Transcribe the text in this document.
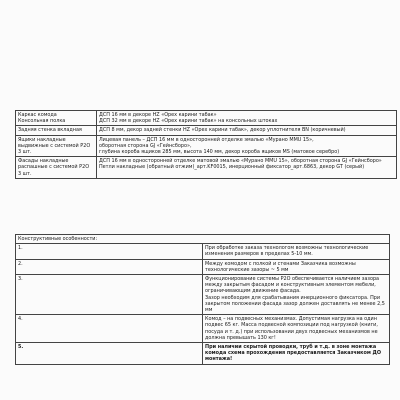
Каркас комода
Консольная полка	ДСП 16 мм в декоре HZ «Орех карини табак»
ДСП 32 мм в декоре HZ «Орех карини табак» на консольных штоках

Задняя стенка вкладная	ДСП 8 мм, декор задней стенки HZ «Орех карини табак», декор уплотнителя BN (коричневый)

Ящики накладные
выдвижные с системой P2O
3 шт.	Лицевая панель – ДСП 16 мм в односторонней отделке эмалью «Мурано MMU 15»,
оборотная сторона GJ «Гейнсборо»,
глубина короба ящиков 285 мм, высота 140 мм, декор короба ящиков MS (матовое серебро)

Фасады накладные
распашные с системой P2O
3 шт.	ДСП 16 мм в односторонней отделке матовой эмалью «Мурано MMU 15», оборотная сторона GJ «Гейнсборо»
Петли накладные (обратный отжим)_арт.KF0015, инерционный фиксатор_арт.6863, декор GT (серый)
Конструктивные особенности:	
1.	При обработке заказа технологом возможны технологические изменения размеров в пределах 5-10 мм.

2.	Между комодом с полкой и стенами Заказчика возможны технологические зазоры ~ 5 мм

3.	Функционирование системы P2O обеспечивается наличием зазора между закрытым фасадом и конструктивным элементом мебели, ограничивающим движение фасада.
Зазор необходим для срабатывания инерционного фиксатора. При закрытом положении фасада зазор должен доставлять не менее 2,5 мм

4.	Комод – на подвесных механизмах. Допустимая нагрузка на один подвес 65 кг. Масса подвесной композиции под нагрузкой (книги, посуда и т. д.) при использовании двух подвесных механизмов не должна превышать 130 кг!

5.	При наличии скрытой проводки, труб и т.д. в зоне монтажа комода схема прохождения предоставляется Заказчиком ДО монтажа!
